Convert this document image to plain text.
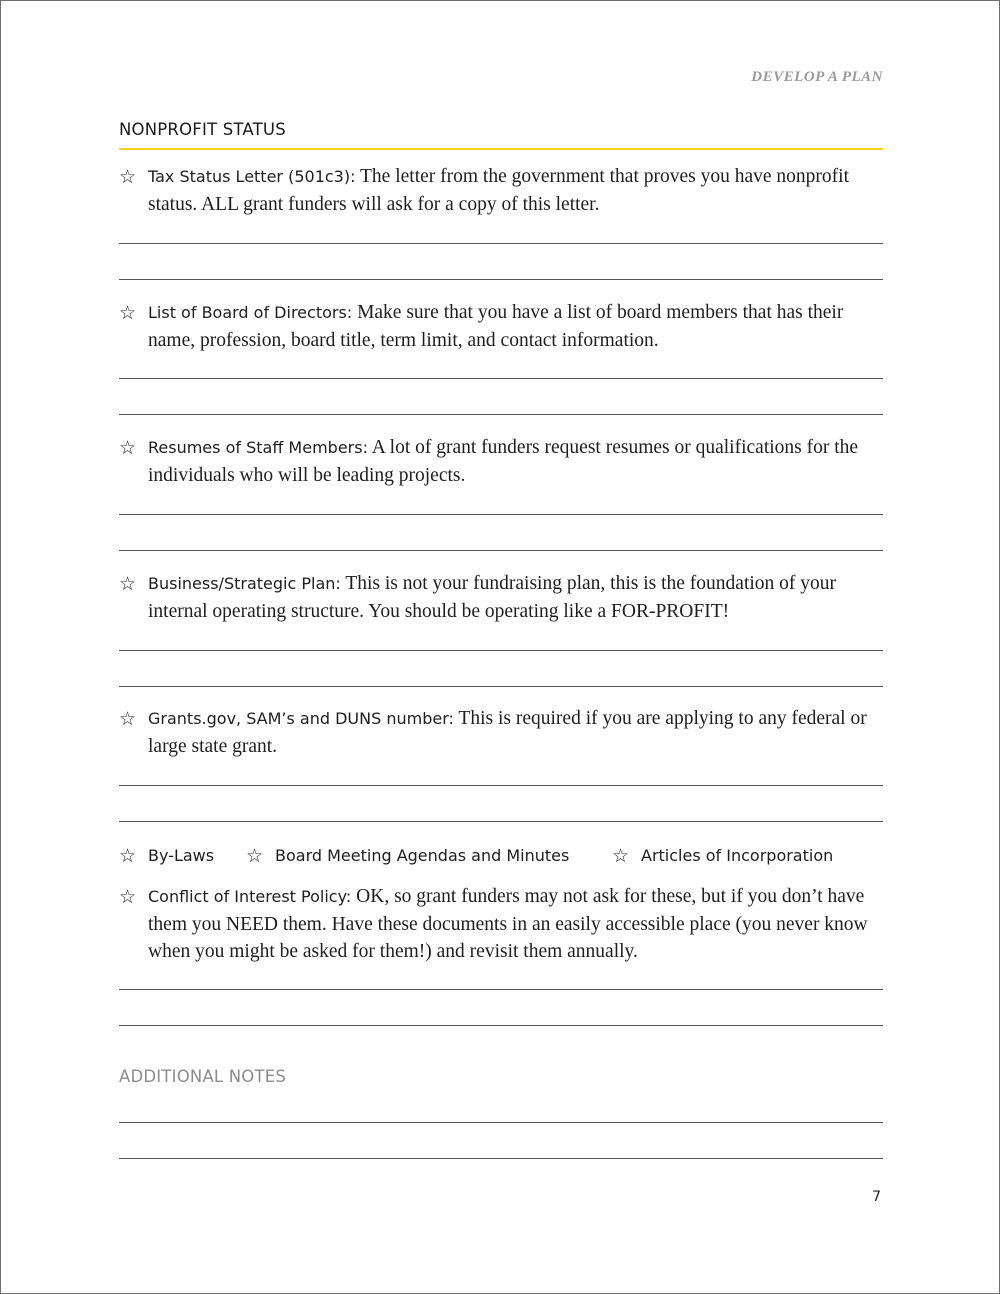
DEVELOP A PLAN
NONPROFIT STATUS
☆ Tax Status Letter (501c3): The letter from the government that proves you have nonprofit status. ALL grant funders will ask for a copy of this letter.
☆ List of Board of Directors: Make sure that you have a list of board members that has their name, profession, board title, term limit, and contact information.
☆ Resumes of Staff Members: A lot of grant funders request resumes or qualifications for the individuals who will be leading projects.
☆ Business/Strategic Plan: This is not your fundraising plan, this is the foundation of your internal operating structure. You should be operating like a FOR-PROFIT!
☆ Grants.gov, SAM’s and DUNS number: This is required if you are applying to any federal or large state grant.
☆ By-Laws ☆ Board Meeting Agendas and Minutes ☆ Articles of Incorporation
☆ Conflict of Interest Policy: OK, so grant funders may not ask for these, but if you don’t have them you NEED them. Have these documents in an easily accessible place (you never know when you might be asked for them!) and revisit them annually.
ADDITIONAL NOTES
7
